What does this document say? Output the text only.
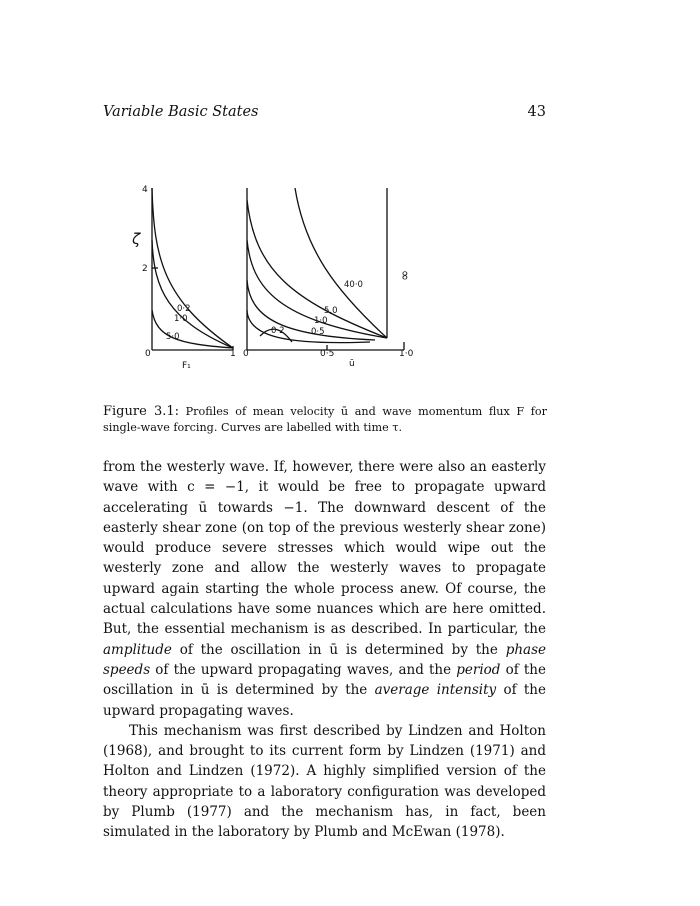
Variable Basic States	43
ζ
4
2
0	1
F₁
0·2
1·0
5·0
0	0·5	1·0
ū
40·0
5,0
1·0
0·5
0·2
∞
Figure 3.1: Profiles of mean velocity ū and wave momentum flux F for single-wave forcing. Curves are labelled with time τ.

from the westerly wave. If, however, there were also an easterly wave with c = −1, it would be free to propagate upward accelerating ū towards −1. The downward descent of the easterly shear zone (on top of the previous westerly shear zone) would produce severe stresses which would wipe out the westerly zone and allow the westerly waves to propagate upward again starting the whole process anew. Of course, the actual calculations have some nuances which are here omitted. But, the essential mechanism is as described. In particular, the amplitude of the oscillation in ū is determined by the phase speeds of the upward propagating waves, and the period of the oscillation in ū is determined by the average intensity of the upward propagating waves.

This mechanism was first described by Lindzen and Holton (1968), and brought to its current form by Lindzen (1971) and Holton and Lindzen (1972). A highly simplified version of the theory appropriate to a laboratory configuration was developed by Plumb (1977) and the mechanism has, in fact, been simulated in the laboratory by Plumb and McEwan (1978).
